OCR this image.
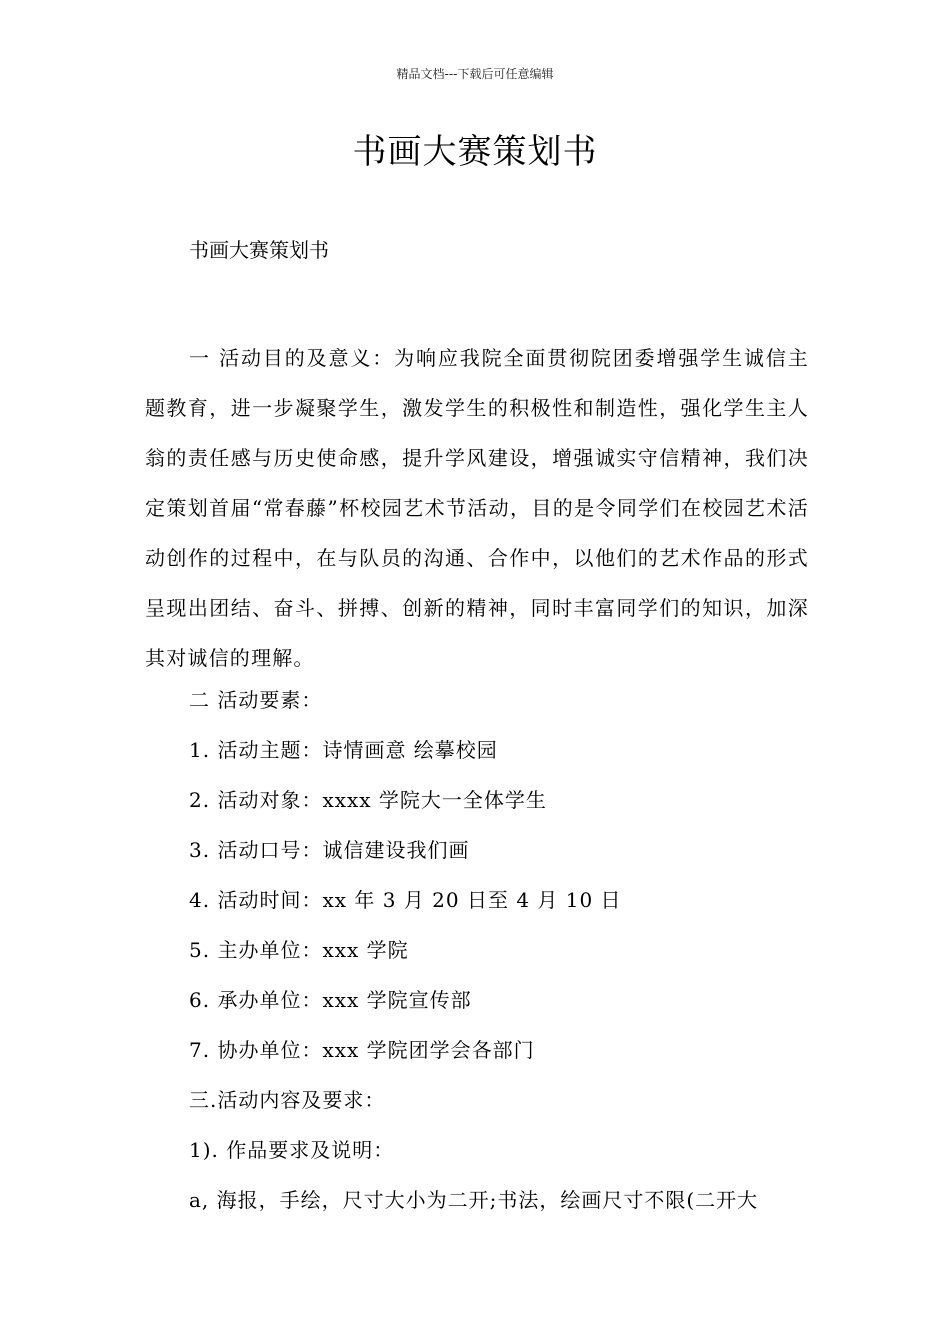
精品文档---下载后可任意编辑
书画大赛策划书
书画大赛策划书

一 活动目的及意义：为响应我院全面贯彻院团委增强学生诚信主题教育，进一步凝聚学生，激发学生的积极性和制造性，强化学生主人翁的责任感与历史使命感，提升学风建设，增强诚实守信精神，我们决定策划首届“常春藤”杯校园艺术节活动，目的是令同学们在校园艺术活动创作的过程中，在与队员的沟通、合作中，以他们的艺术作品的形式呈现出团结、奋斗、拼搏、创新的精神，同时丰富同学们的知识，加深其对诚信的理解。

二 活动要素：
1. 活动主题：诗情画意 绘摹校园
2. 活动对象：xxxx 学院大一全体学生
3. 活动口号：诚信建设我们画
4. 活动时间：xx 年 3 月 20 日至 4 月 10 日
5. 主办单位：xxx 学院
6. 承办单位：xxx 学院宣传部
7. 协办单位：xxx 学院团学会各部门
三.活动内容及要求：
1). 作品要求及说明：
a, 海报，手绘，尺寸大小为二开;书法，绘画尺寸不限(二开大
